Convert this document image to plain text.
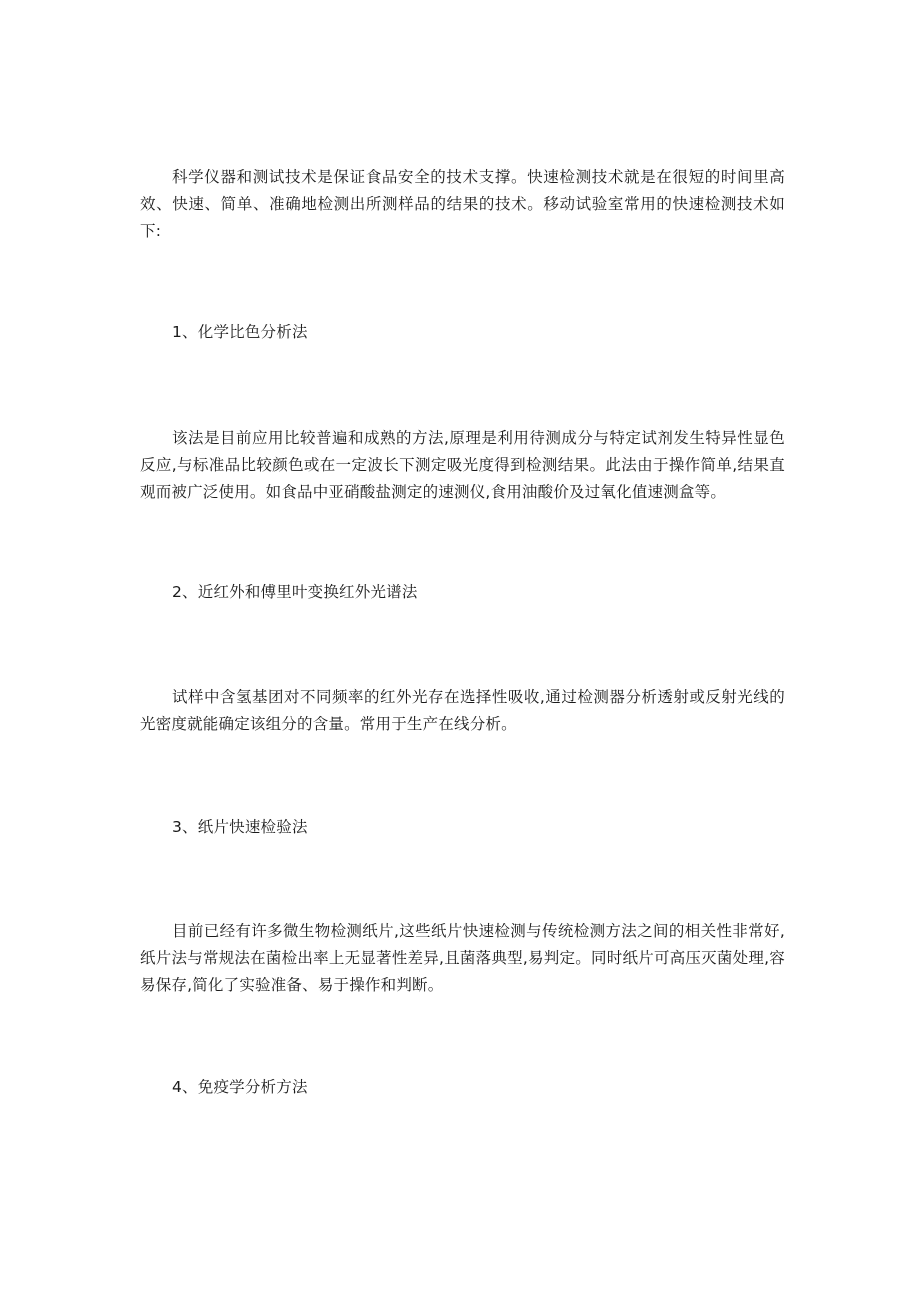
科学仪器和测试技术是保证食品安全的技术支撑。快速检测技术就是在很短的时间里高效、快速、简单、准确地检测出所测样品的结果的技术。移动试验室常用的快速检测技术如下:

1、化学比色分析法

该法是目前应用比较普遍和成熟的方法,原理是利用待测成分与特定试剂发生特异性显色反应,与标准品比较颜色或在一定波长下测定吸光度得到检测结果。此法由于操作简单,结果直观而被广泛使用。如食品中亚硝酸盐测定的速测仪,食用油酸价及过氧化值速测盒等。

2、近红外和傅里叶变换红外光谱法

试样中含氢基团对不同频率的红外光存在选择性吸收,通过检测器分析透射或反射光线的光密度就能确定该组分的含量。常用于生产在线分析。

3、纸片快速检验法

目前已经有许多微生物检测纸片,这些纸片快速检测与传统检测方法之间的相关性非常好,纸片法与常规法在菌检出率上无显著性差异,且菌落典型,易判定。同时纸片可高压灭菌处理,容易保存,简化了实验准备、易于操作和判断。

4、免疫学分析方法
